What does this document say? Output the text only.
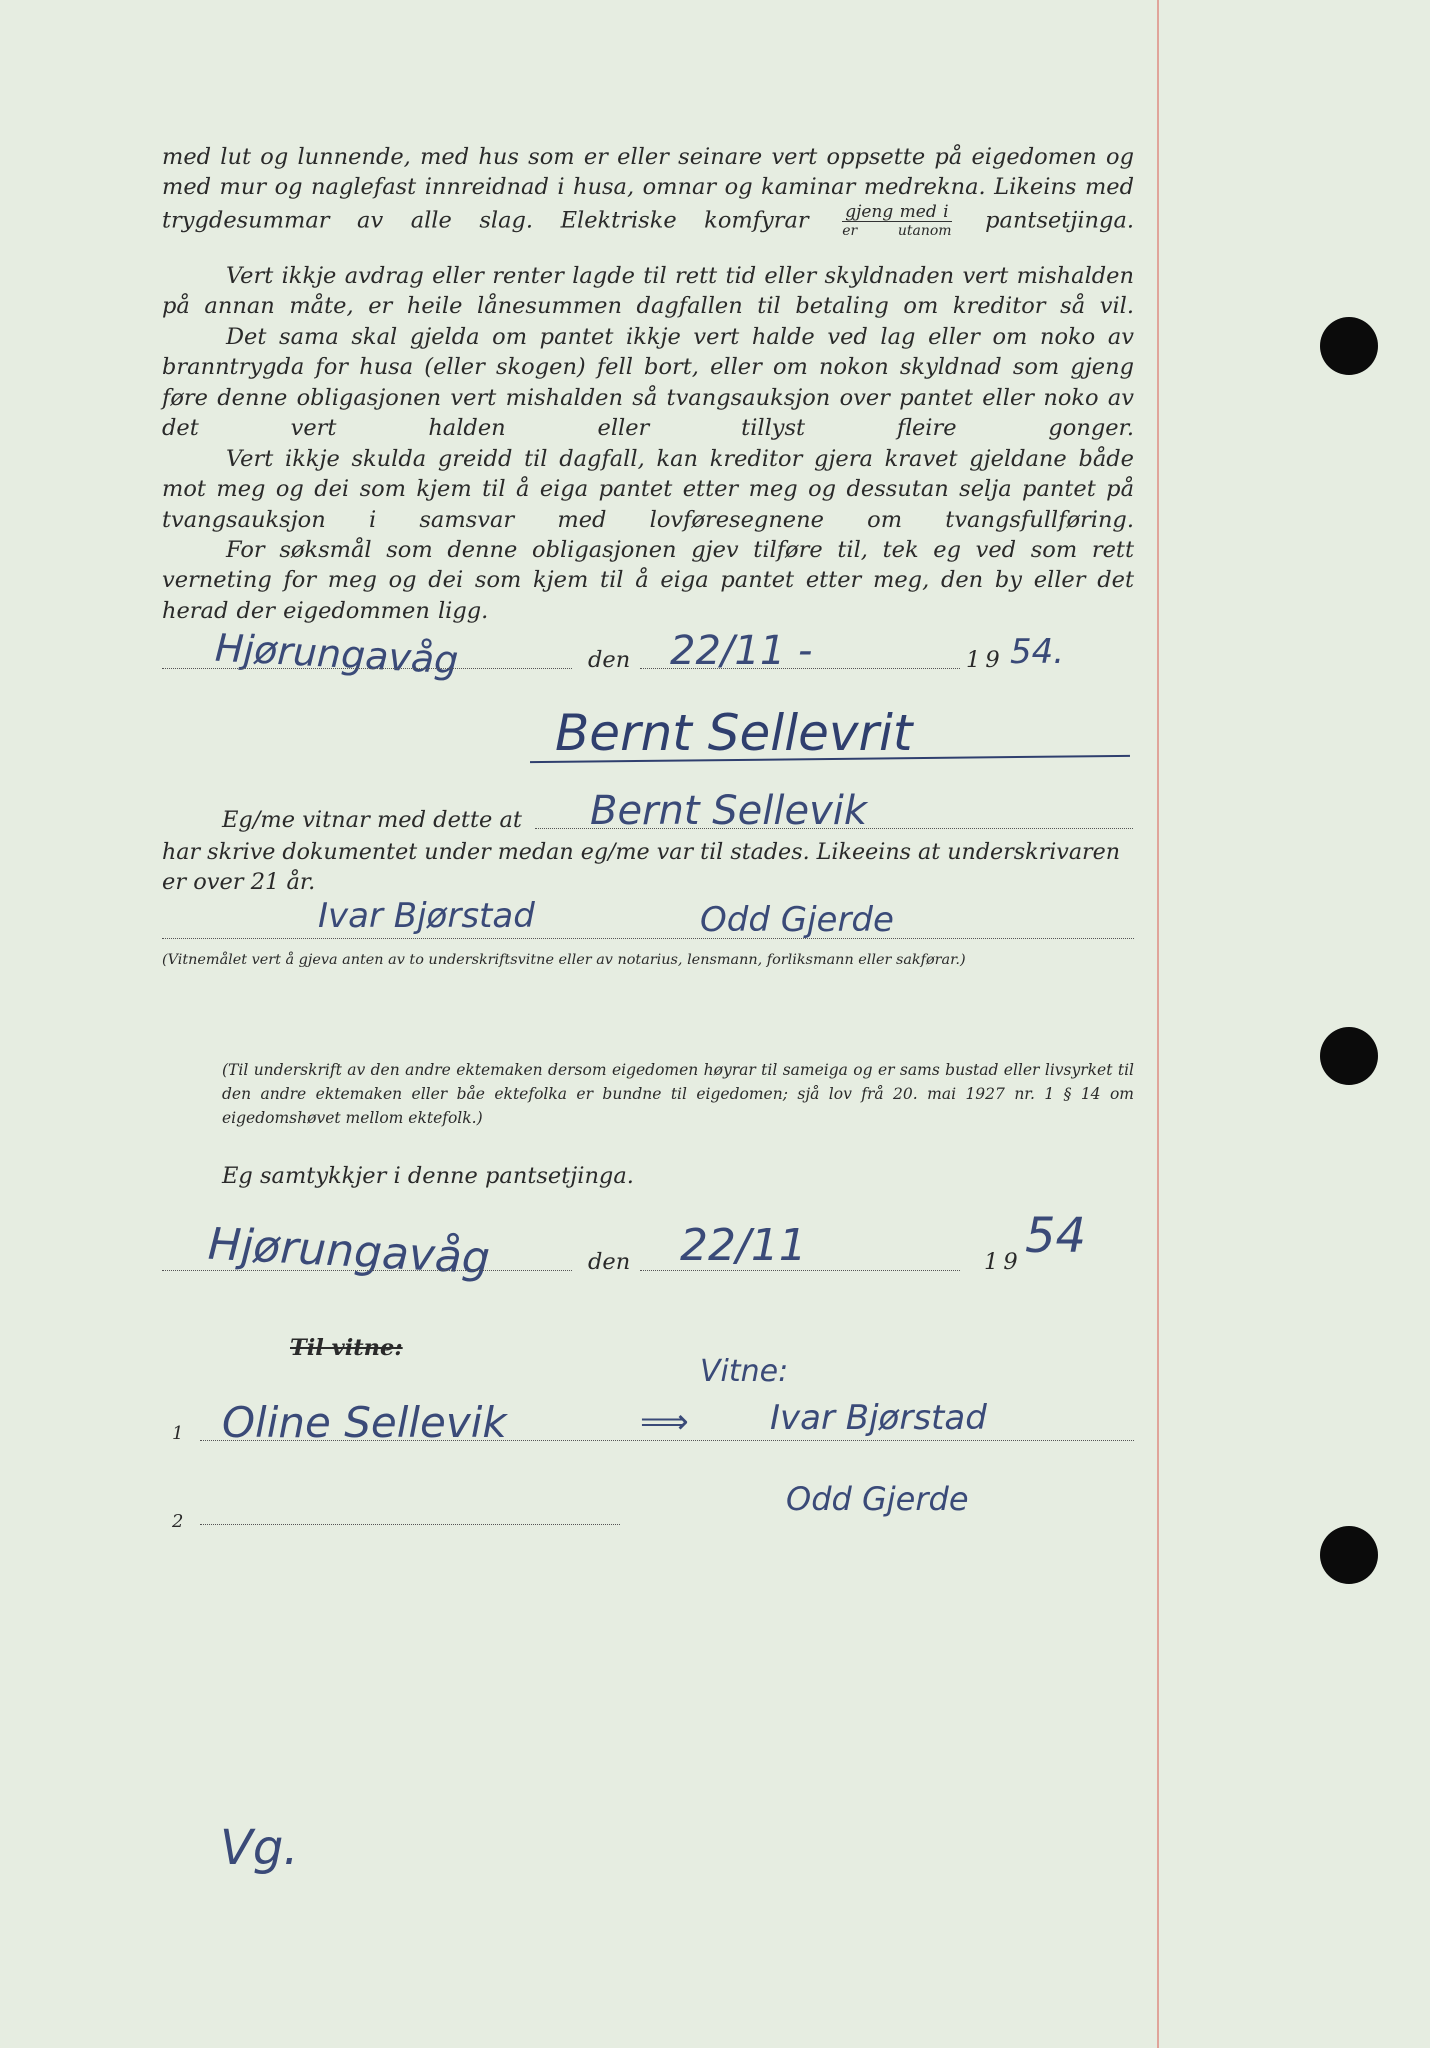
med lut og lunnende, med hus som er eller seinare vert oppsette på eigedomen og med mur og naglefast innreidnad i husa, omnar og kaminar medrekna. Likeins med trygdesummar av alle slag. Elektriske komfyrar $\frac{\text{gjeng med i}}{\text{er utanom}}$ pantsetjinga.
Vert ikkje avdrag eller renter lagde til rett tid eller skyldnaden vert mishalden på annan måte, er heile lånesummen dagfallen til betaling om kreditor så vil.
Det sama skal gjelda om pantet ikkje vert halde ved lag eller om noko av branntrygda for husa (eller skogen) fell bort, eller om nokon skyldnad som gjeng føre denne obligasjonen vert mishalden så tvangsauksjon over pantet eller noko av det vert halden eller tillyst fleire gonger.
Vert ikkje skulda greidd til dagfall, kan kreditor gjera kravet gjeldane både mot meg og dei som kjem til å eiga pantet etter meg og dessutan selja pantet på tvangsauksjon i samsvar med lovføresegnene om tvangsfullføring.
For søksmål som denne obligasjonen gjev tilføre til, tek eg ved som rett verneting for meg og dei som kjem til å eiga pantet etter meg, den by eller det herad der eigedommen ligg.
Hjørungavåg	den 22/11 -	19 54.
Bernt Sellevrit
Eg/me vitnar med dette at Bernt Sellevik
har skrive dokumentet under medan eg/me var til stades. Likeeins at underskrivaren
er over 21 år.
Ivar Bjørstad	Odd Gjerde
(Vitnemålet vert å gjeva anten av to underskriftsvitne eller av notarius, lensmann, forliksmann eller sakførar.)
(Til underskrift av den andre ektemaken dersom eigedomen høyrar til sameiga og er sams bustad eller livsyrket til den andre ektemaken eller båe ektefolka er bundne til eigedomen; sjå lov frå 20. mai 1927 nr. 1 § 14 om eigedomshøvet mellom ektefolk.)
Eg samtykkjer i denne pantsetjinga.
Hjørungavåg	den 22/11	19 54
Til vitne:
1 Oline Sellevik
Vitne:
⟹ Ivar Bjørstad
2
Odd Gjerde
Vg.
